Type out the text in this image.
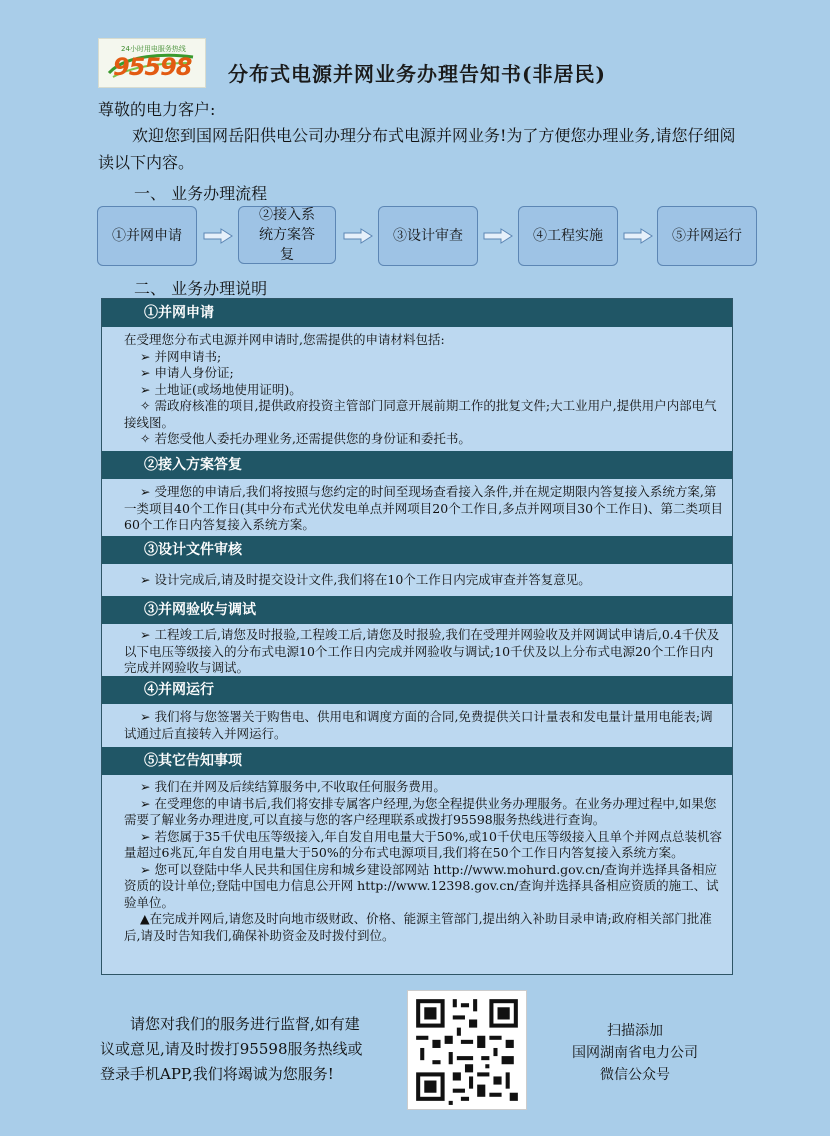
24小时用电服务热线
95598 分布式电源并网业务办理告知书(非居民)
尊敬的电力客户:
欢迎您到国网岳阳供电公司办理分布式电源并网业务!为了方便您办理业务,请您仔细阅读以下内容。
一、 业务办理流程
①并网申请
②接入系统方案答复
③设计审查	④工程实施	⑤并网运行
二、 业务办理说明
①并网申请

在受理您分布式电源并网申请时,您需提供的申请材料包括:

➢ 并网申请书;

➢ 申请人身份证;

➢ 土地证(或场地使用证明)。

✧ 需政府核准的项目,提供政府投资主管部门同意开展前期工作的批复文件;大工业用户,提供用户内部电气接线图。

✧ 若您受他人委托办理业务,还需提供您的身份证和委托书。

②接入方案答复

➢ 受理您的申请后,我们将按照与您约定的时间至现场查看接入条件,并在规定期限内答复接入系统方案,第一类项目40个工作日(其中分布式光伏发电单点并网项目20个工作日,多点并网项目30个工作日)、第二类项目60个工作日内答复接入系统方案。

③设计文件审核

➢ 设计完成后,请及时提交设计文件,我们将在10个工作日内完成审查并答复意见。

③并网验收与调试

➢ 工程竣工后,请您及时报验,工程竣工后,请您及时报验,我们在受理并网验收及并网调试申请后,0.4千伏及以下电压等级接入的分布式电源10个工作日内完成并网验收与调试;10千伏及以上分布式电源20个工作日内完成并网验收与调试。

④并网运行

➢ 我们将与您签署关于购售电、供用电和调度方面的合同,免费提供关口计量表和发电量计量用电能表;调试通过后直接转入并网运行。

⑤其它告知事项

➢ 我们在并网及后续结算服务中,不收取任何服务费用。

➢ 在受理您的申请书后,我们将安排专属客户经理,为您全程提供业务办理服务。在业务办理过程中,如果您需要了解业务办理进度,可以直接与您的客户经理联系或拨打95598服务热线进行查询。

➢ 若您属于35千伏电压等级接入,年自发自用电量大于50%,或10千伏电压等级接入且单个并网点总装机容量超过6兆瓦,年自发自用电量大于50%的分布式电源项目,我们将在50个工作日内答复接入系统方案。

➢ 您可以登陆中华人民共和国住房和城乡建设部网站 http://www.mohurd.gov.cn/查询并选择具备相应资质的设计单位;登陆中国电力信息公开网 http://www.12398.gov.cn/查询并选择具备相应资质的施工、试验单位。

▲在完成并网后,请您及时向地市级财政、价格、能源主管部门,提出纳入补助目录申请;政府相关部门批准后,请及时告知我们,确保补助资金及时拨付到位。

请您对我们的服务进行监督,如有建议或意见,请及时拨打95598服务热线或登录手机APP,我们将竭诚为您服务!
扫描添加
国网湖南省电力公司
微信公众号
